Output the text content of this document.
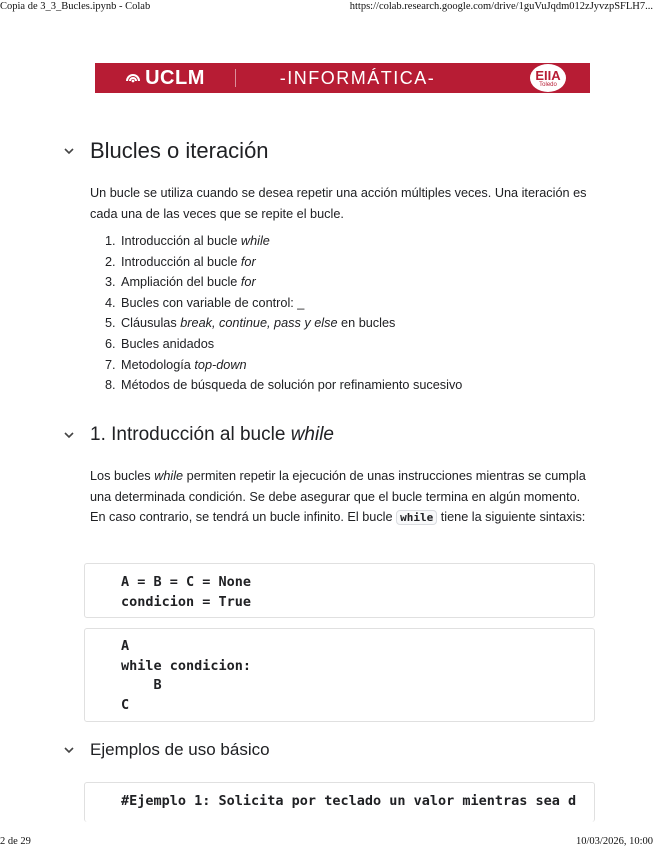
Copia de 3_3_Bucles.ipynb - Colab	https://colab.research.google.com/drive/1guVuJqdm012zJyvzpSFLH7...
UCLM	-INFORMÁTICA-	EIIA
Toledo
Blucles o iteración
Un bucle se utiliza cuando se desea repetir una acción múltiples veces. Una iteración es cada una de las veces que se repite el bucle.
1. Introducción al bucle while
2. Introducción al bucle for
3. Ampliación del bucle for
4. Bucles con variable de control: _
5. Cláusulas break, continue, pass y else en bucles
6. Bucles anidados
7. Metodología top-down
8. Métodos de búsqueda de solución por refinamiento sucesivo
1. Introducción al bucle while
Los bucles while permiten repetir la ejecución de unas instrucciones mientras se cumpla una determinada condición. Se debe asegurar que el bucle termina en algún momento. En caso contrario, se tendrá un bucle infinito. El bucle while tiene la siguiente sintaxis:
A = B = C = None
condicion = True
A
while condicion:
B
C
Ejemplos de uso básico
#Ejemplo 1: Solicita por teclado un valor mientras sea d
2 de 29	10/03/2026, 10:00
